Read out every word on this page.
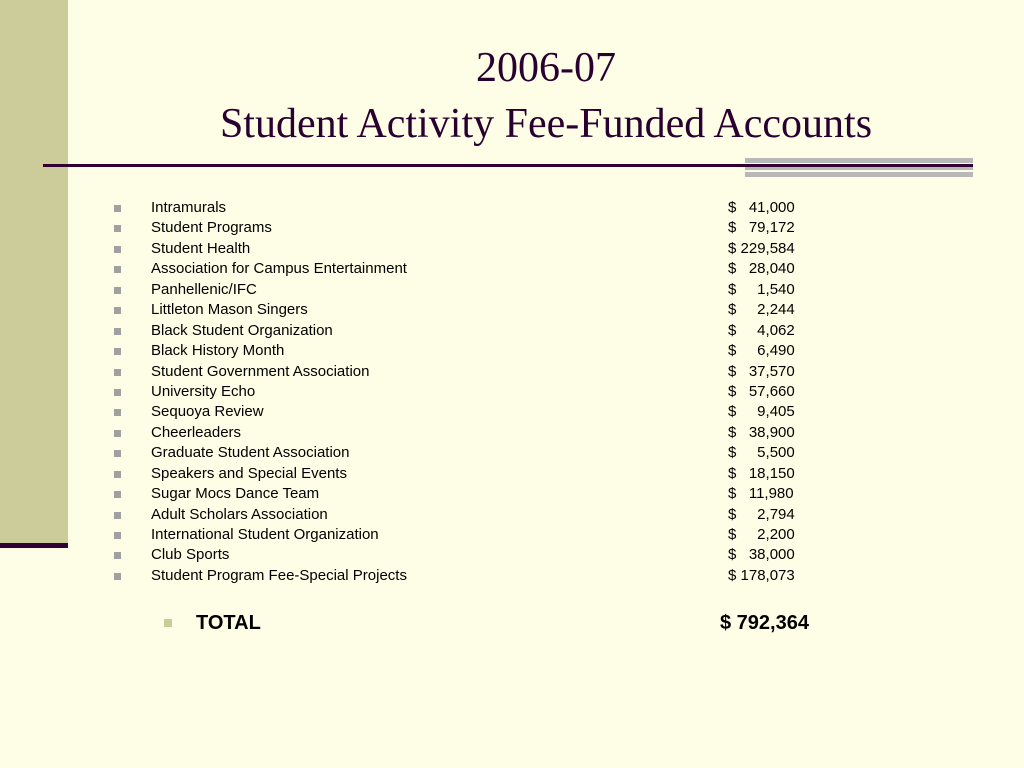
2006-07
Student Activity Fee-Funded Accounts
Intramurals	$   41,000
Student Programs	$   79,172
Student Health	$ 229,584
Association for Campus Entertainment	$   28,040
Panhellenic/IFC	$     1,540
Littleton Mason Singers	$     2,244
Black Student Organization	$     4,062
Black History Month	$     6,490
Student Government Association	$   37,570
University Echo	$   57,660
Sequoya Review	$     9,405
Cheerleaders	$   38,900
Graduate Student Association	$     5,500
Speakers and Special Events	$   18,150
Sugar Mocs Dance Team	$   11,980
Adult Scholars Association	$     2,794
International Student Organization	$     2,200
Club Sports	$   38,000
Student Program Fee-Special Projects	$ 178,073
TOTAL	$ 792,364
